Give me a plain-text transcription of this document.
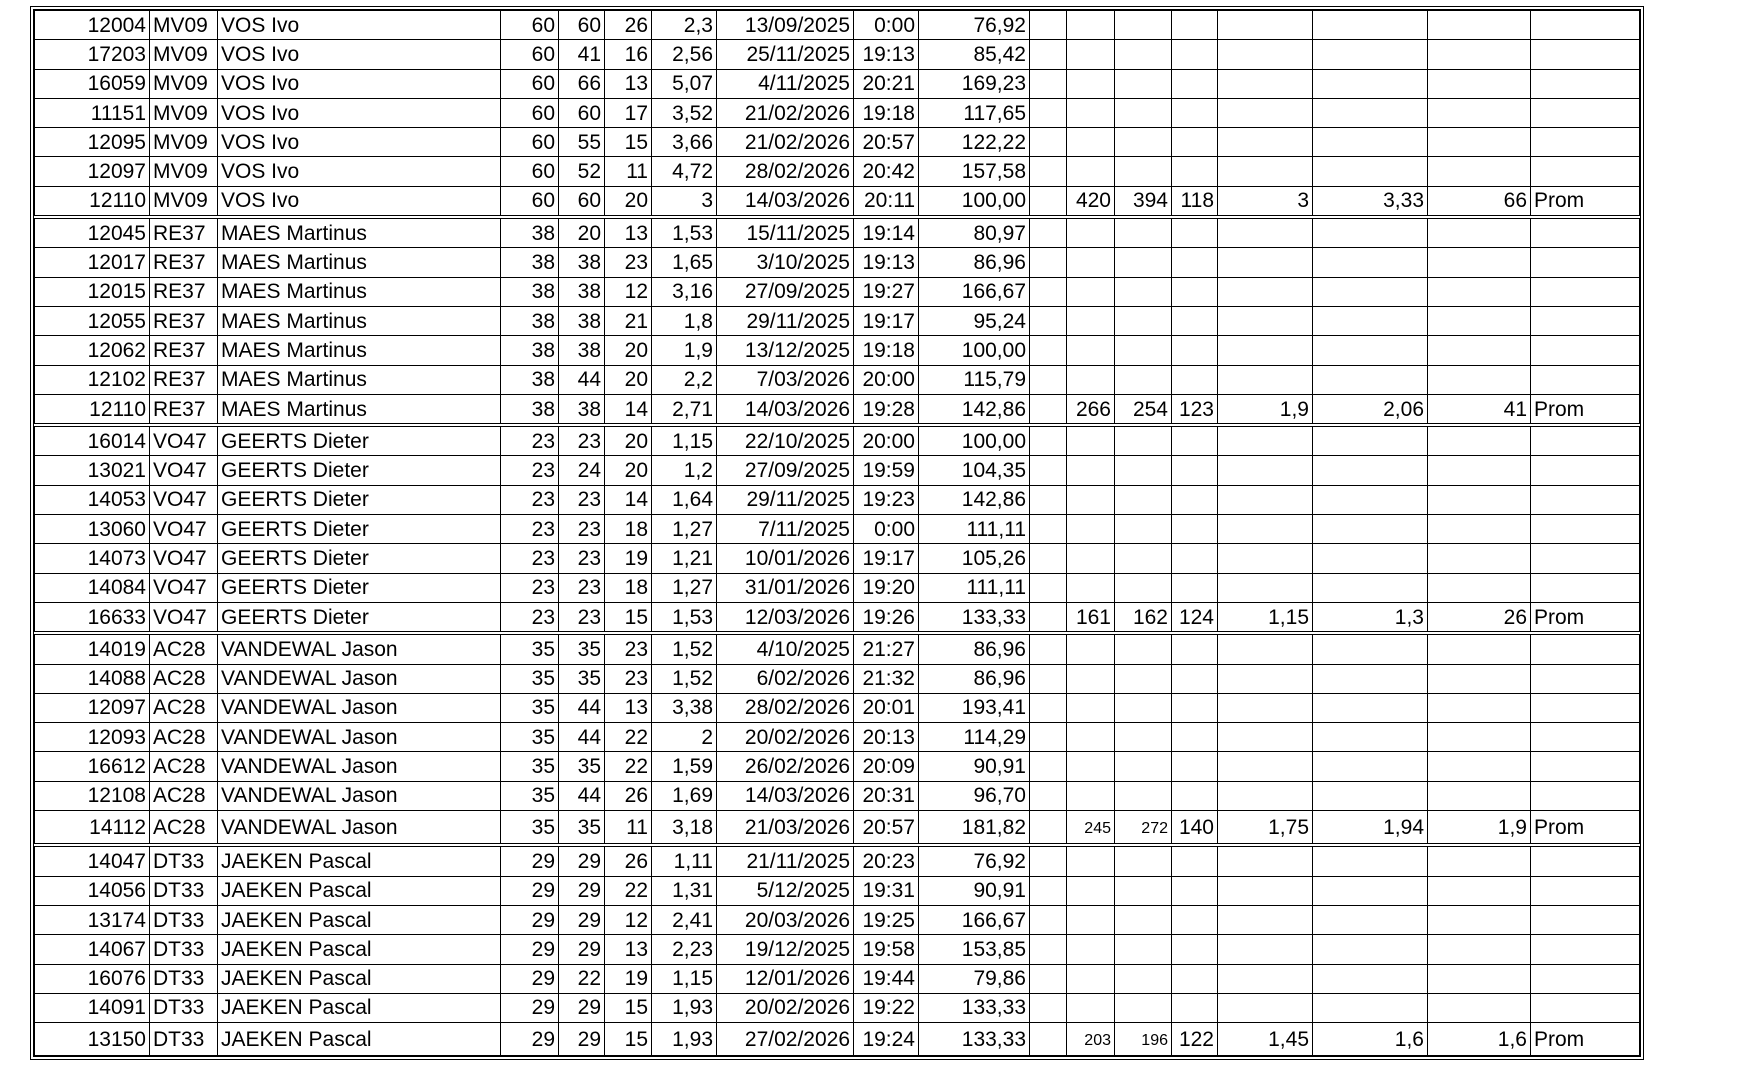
12004	MV09	VOS Ivo	60	60	26	2,3	13/09/2025	0:00	76,92								
17203	MV09	VOS Ivo	60	41	16	2,56	25/11/2025	19:13	85,42								
16059	MV09	VOS Ivo	60	66	13	5,07	4/11/2025	20:21	169,23								
11151	MV09	VOS Ivo	60	60	17	3,52	21/02/2026	19:18	117,65								
12095	MV09	VOS Ivo	60	55	15	3,66	21/02/2026	20:57	122,22								
12097	MV09	VOS Ivo	60	52	11	4,72	28/02/2026	20:42	157,58								
12110	MV09	VOS Ivo	60	60	20	3	14/03/2026	20:11	100,00		420	394	118	3	3,33	66	Prom
12045	RE37	MAES Martinus	38	20	13	1,53	15/11/2025	19:14	80,97								
12017	RE37	MAES Martinus	38	38	23	1,65	3/10/2025	19:13	86,96								
12015	RE37	MAES Martinus	38	38	12	3,16	27/09/2025	19:27	166,67								
12055	RE37	MAES Martinus	38	38	21	1,8	29/11/2025	19:17	95,24								
12062	RE37	MAES Martinus	38	38	20	1,9	13/12/2025	19:18	100,00								
12102	RE37	MAES Martinus	38	44	20	2,2	7/03/2026	20:00	115,79								
12110	RE37	MAES Martinus	38	38	14	2,71	14/03/2026	19:28	142,86		266	254	123	1,9	2,06	41	Prom
16014	VO47	GEERTS Dieter	23	23	20	1,15	22/10/2025	20:00	100,00								
13021	VO47	GEERTS Dieter	23	24	20	1,2	27/09/2025	19:59	104,35								
14053	VO47	GEERTS Dieter	23	23	14	1,64	29/11/2025	19:23	142,86								
13060	VO47	GEERTS Dieter	23	23	18	1,27	7/11/2025	0:00	111,11								
14073	VO47	GEERTS Dieter	23	23	19	1,21	10/01/2026	19:17	105,26								
14084	VO47	GEERTS Dieter	23	23	18	1,27	31/01/2026	19:20	111,11								
16633	VO47	GEERTS Dieter	23	23	15	1,53	12/03/2026	19:26	133,33		161	162	124	1,15	1,3	26	Prom
14019	AC28	VANDEWAL Jason	35	35	23	1,52	4/10/2025	21:27	86,96								
14088	AC28	VANDEWAL Jason	35	35	23	1,52	6/02/2026	21:32	86,96								
12097	AC28	VANDEWAL Jason	35	44	13	3,38	28/02/2026	20:01	193,41								
12093	AC28	VANDEWAL Jason	35	44	22	2	20/02/2026	20:13	114,29								
16612	AC28	VANDEWAL Jason	35	35	22	1,59	26/02/2026	20:09	90,91								
12108	AC28	VANDEWAL Jason	35	44	26	1,69	14/03/2026	20:31	96,70								
14112	AC28	VANDEWAL Jason	35	35	11	3,18	21/03/2026	20:57	181,82		245	272	140	1,75	1,94	1,9	Prom
14047	DT33	JAEKEN Pascal	29	29	26	1,11	21/11/2025	20:23	76,92								
14056	DT33	JAEKEN Pascal	29	29	22	1,31	5/12/2025	19:31	90,91								
13174	DT33	JAEKEN Pascal	29	29	12	2,41	20/03/2026	19:25	166,67								
14067	DT33	JAEKEN Pascal	29	29	13	2,23	19/12/2025	19:58	153,85								
16076	DT33	JAEKEN Pascal	29	22	19	1,15	12/01/2026	19:44	79,86								
14091	DT33	JAEKEN Pascal	29	29	15	1,93	20/02/2026	19:22	133,33								
13150	DT33	JAEKEN Pascal	29	29	15	1,93	27/02/2026	19:24	133,33		203	196	122	1,45	1,6	1,6	Prom
